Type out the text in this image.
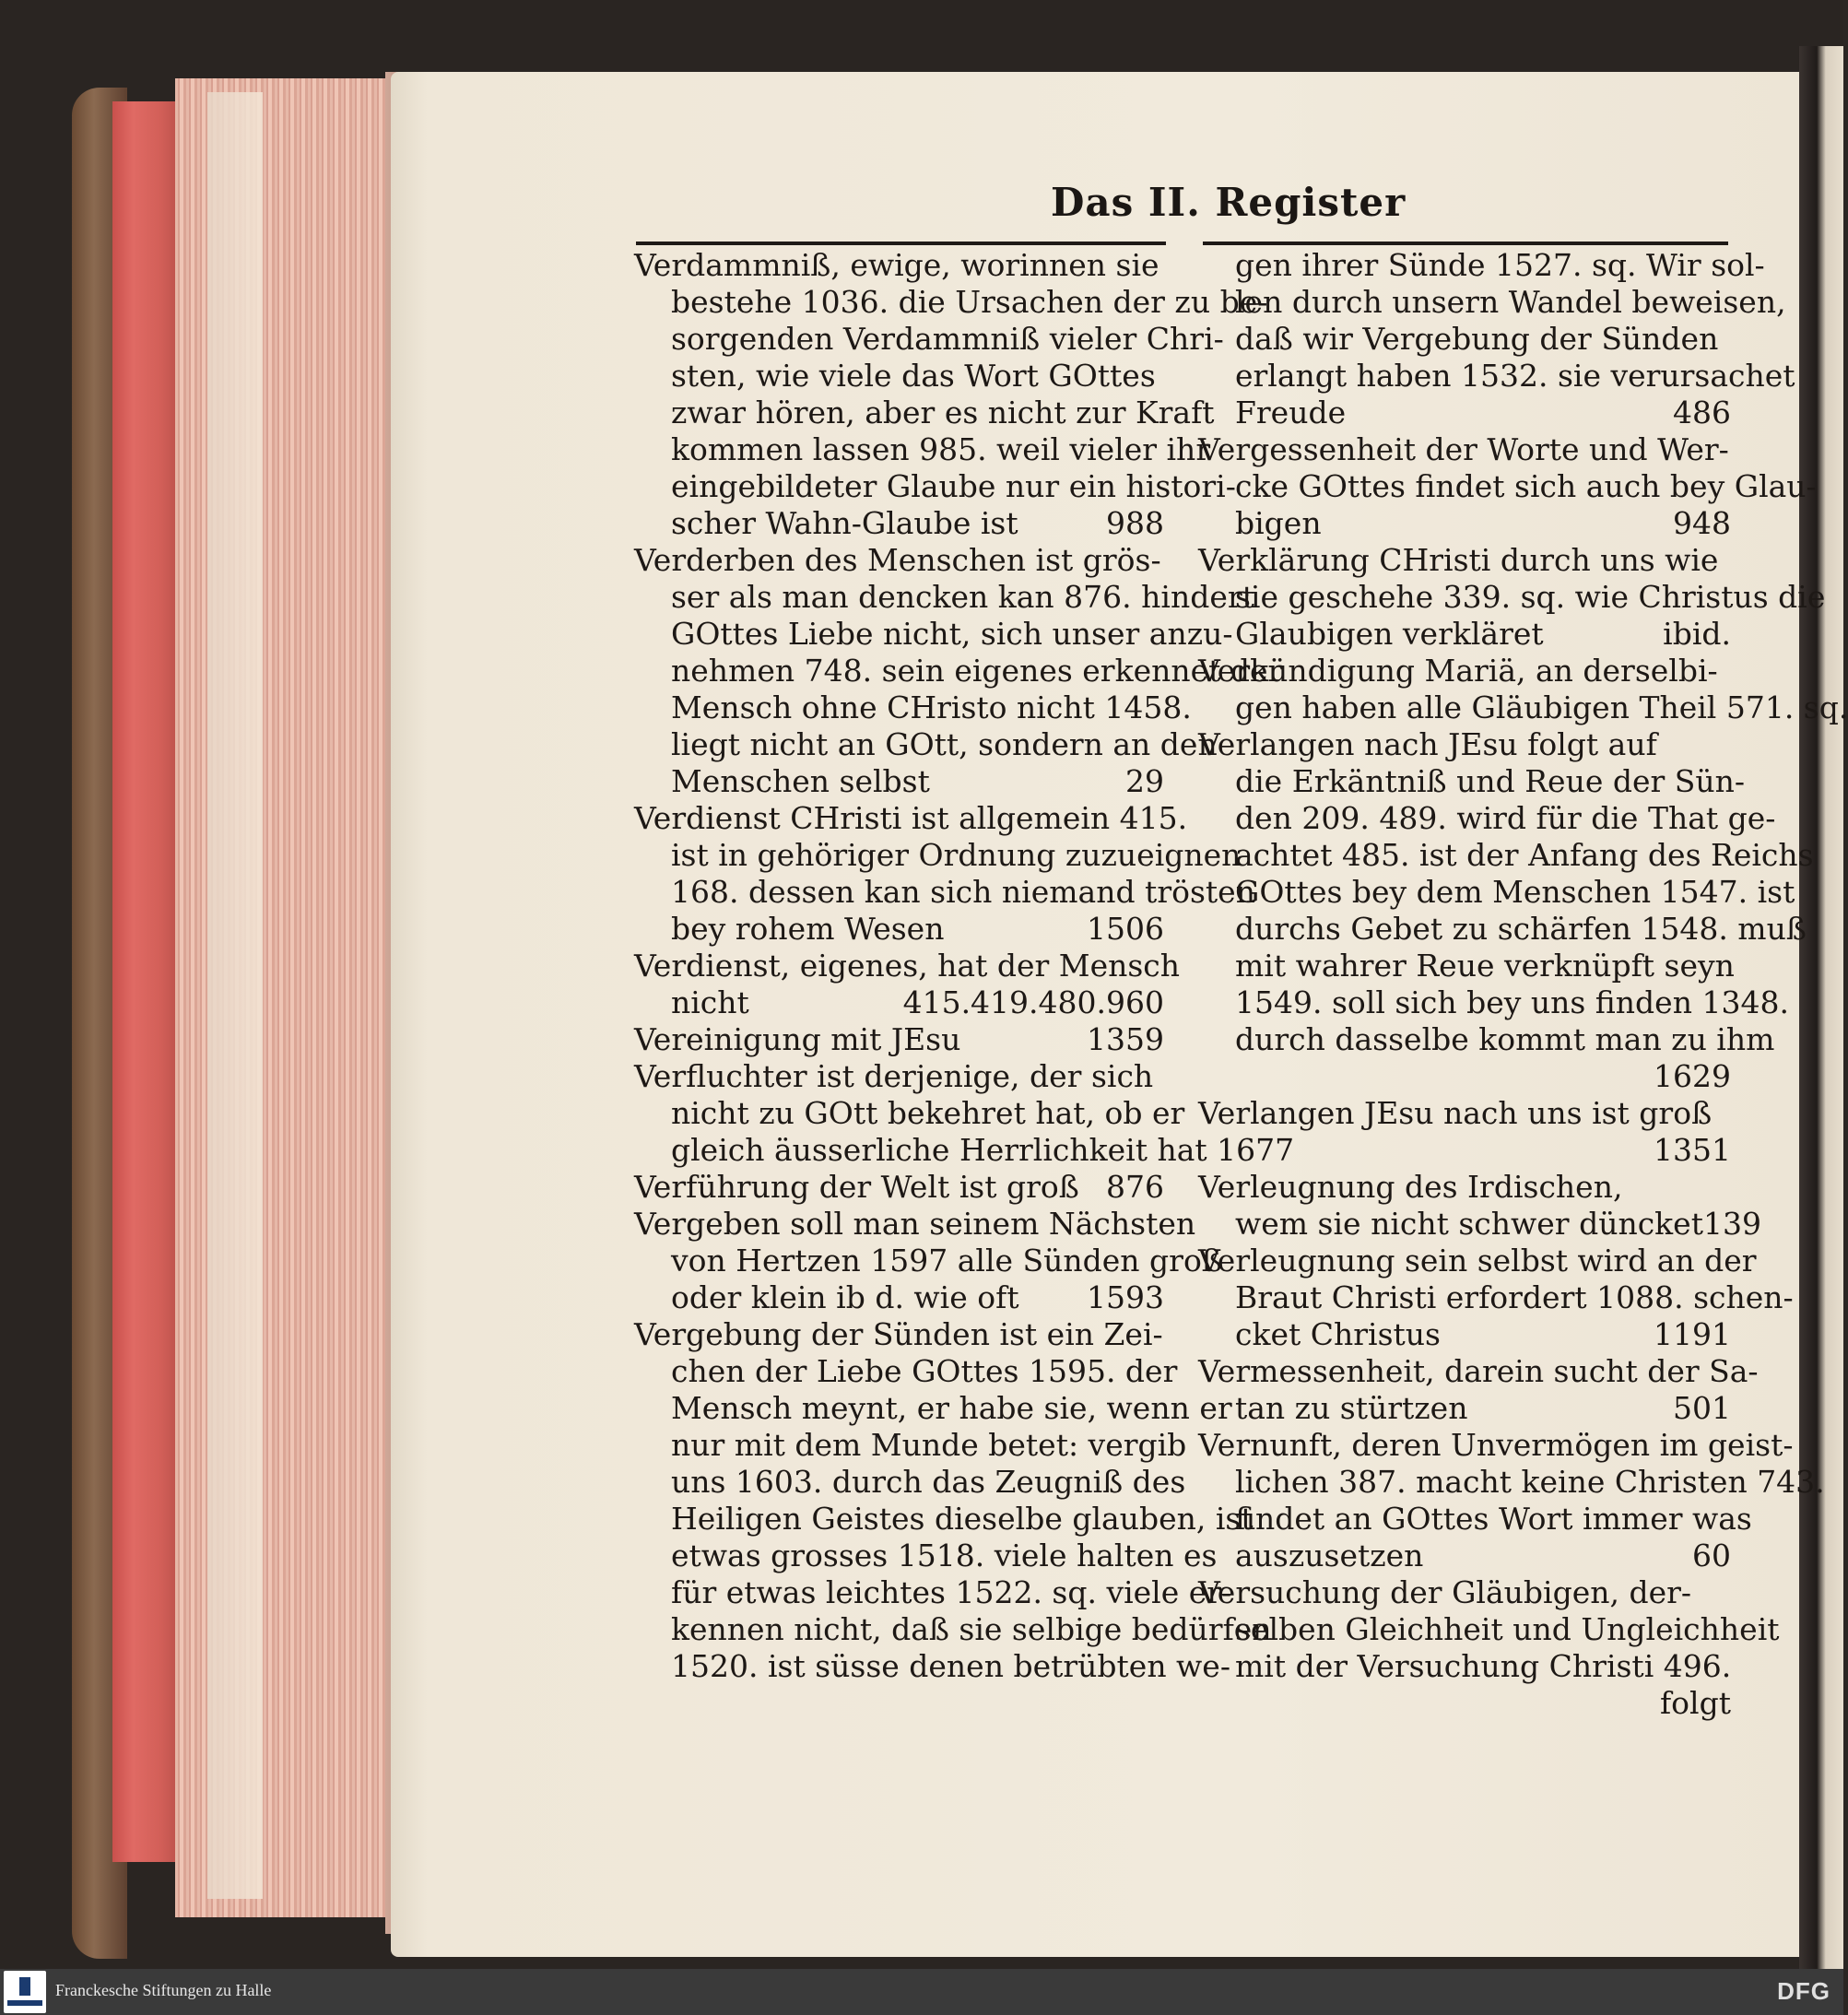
Das II. Register
Verdammniß, ewige, worinnen sie
bestehe 1036. die Ursachen der zu be-
sorgenden Verdammniß vieler Chri-
sten, wie viele das Wort GOttes
zwar hören, aber es nicht zur Kraft
kommen lassen 985. weil vieler ihr
eingebildeter Glaube nur ein histori-
scher Wahn-Glaube ist	988
Verderben des Menschen ist grös-
ser als man dencken kan 876. hindert
GOttes Liebe nicht, sich unser anzu-
nehmen 748. sein eigenes erkennet der
Mensch ohne CHristo nicht 1458.
liegt nicht an GOtt, sondern an den
Menschen selbst	29
Verdienst CHristi ist allgemein 415.
ist in gehöriger Ordnung zuzueignen
168. dessen kan sich niemand trösten
bey rohem Wesen	1506
Verdienst, eigenes, hat der Mensch
nicht	415.419.480.960
Vereinigung mit JEsu	1359
Verfluchter ist derjenige, der sich
nicht zu GOtt bekehret hat, ob er
gleich äusserliche Herrlichkeit hat 1677
Verführung der Welt ist groß 876
Vergeben soll man seinem Nächsten
von Hertzen 1597 alle Sünden groß
oder klein ib d. wie oft 1593
Vergebung der Sünden ist ein Zei-
chen der Liebe GOttes 1595. der
Mensch meynt, er habe sie, wenn er
nur mit dem Munde betet: vergib
uns 1603. durch das Zeugniß des
Heiligen Geistes dieselbe glauben, ist
etwas grosses 1518. viele halten es
für etwas leichtes 1522. sq. viele er-
kennen nicht, daß sie selbige bedürfen
1520. ist süsse denen betrübten we-
gen ihrer Sünde 1527. sq. Wir sol-
len durch unsern Wandel beweisen,
daß wir Vergebung der Sünden
erlangt haben 1532. sie verursachet
Freude	486
Vergessenheit der Worte und Wer-
cke GOttes findet sich auch bey Glau-
bigen	948
Verklärung CHristi durch uns wie
sie geschehe 339. sq. wie Christus die
Glaubigen verkläret	ibid.
Verkündigung Mariä, an derselbi-
gen haben alle Gläubigen Theil 571. sq.
Verlangen nach JEsu folgt auf
die Erkäntniß und Reue der Sün-
den 209. 489. wird für die That ge-
achtet 485. ist der Anfang des Reichs
GOttes bey dem Menschen 1547. ist
durchs Gebet zu schärfen 1548. muß
mit wahrer Reue verknüpft seyn
1549. soll sich bey uns finden 1348.
durch dasselbe kommt man zu ihm
1629
Verlangen JEsu nach uns ist groß
1351
Verleugnung des Irdischen,
wem sie nicht schwer düncket 139
Verleugnung sein selbst wird an der
Braut Christi erfordert 1088. schen-
cket Christus	1191
Vermessenheit, darein sucht der Sa-
tan zu stürtzen	501
Vernunft, deren Unvermögen im geist-
lichen 387. macht keine Christen 743.
findet an GOttes Wort immer was
auszusetzen	60
Versuchung der Gläubigen, der-
selben Gleichheit und Ungleichheit
mit der Versuchung Christi 496.
folgt
Franckesche Stiftungen zu Halle	DFG
